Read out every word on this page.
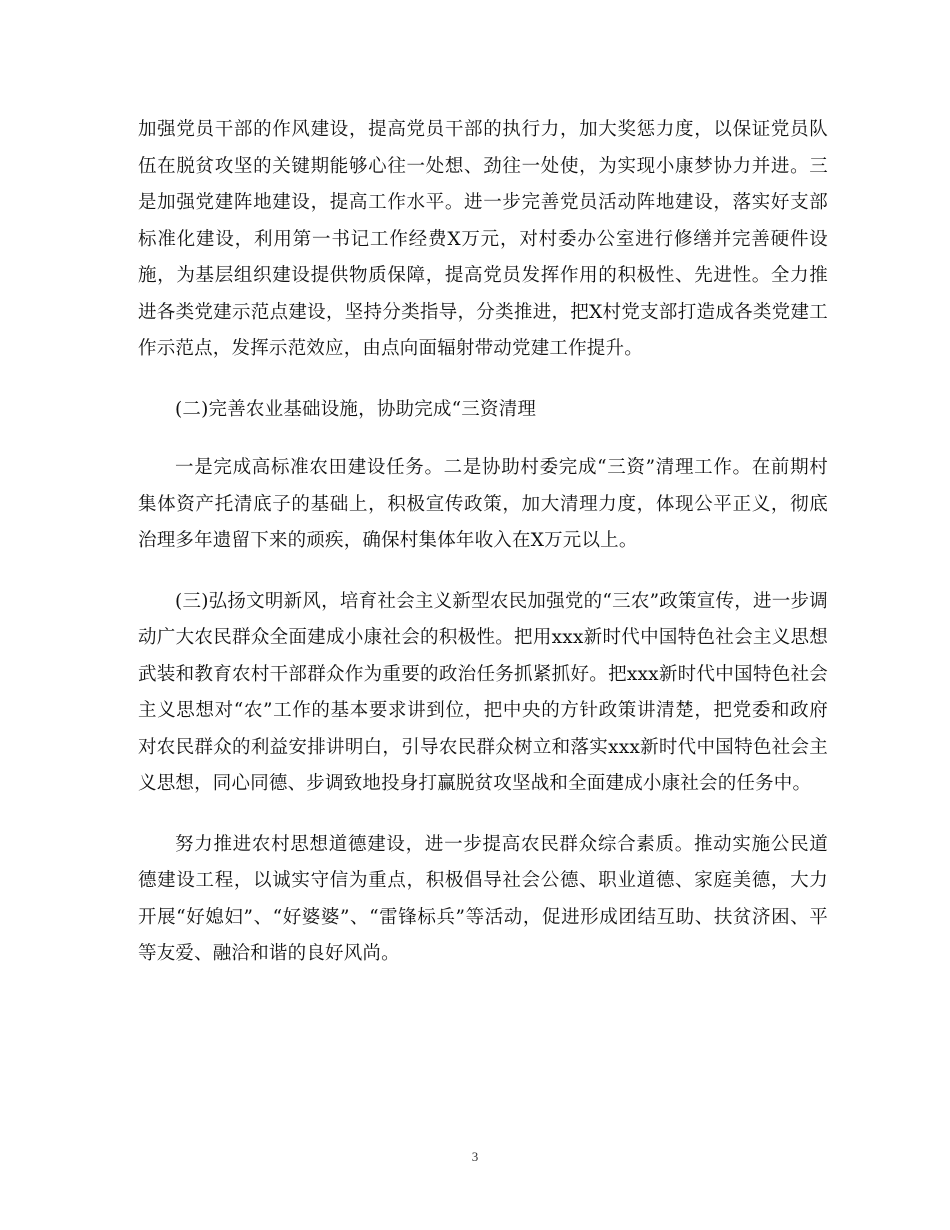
加强党员干部的作风建设，提高党员干部的执行力，加大奖惩力度，以保证党员队伍在脱贫攻坚的关键期能够心往一处想、劲往一处使，为实现小康梦协力并进。三是加强党建阵地建设，提高工作水平。进一步完善党员活动阵地建设，落实好支部标准化建设，利用第一书记工作经费X万元，对村委办公室进行修缮并完善硬件设施，为基层组织建设提供物质保障，提高党员发挥作用的积极性、先进性。全力推进各类党建示范点建设，坚持分类指导，分类推进，把X村党支部打造成各类党建工作示范点，发挥示范效应，由点向面辐射带动党建工作提升。

(二)完善农业基础设施，协助完成“三资清理

一是完成高标准农田建设任务。二是协助村委完成“三资”清理工作。在前期村集体资产托清底子的基础上，积极宣传政策，加大清理力度，体现公平正义，彻底治理多年遗留下来的顽疾，确保村集体年收入在X万元以上。

(三)弘扬文明新风，培育社会主义新型农民加强党的“三农”政策宣传，进一步调动广大农民群众全面建成小康社会的积极性。把用xxx新时代中国特色社会主义思想武装和教育农村干部群众作为重要的政治任务抓紧抓好。把xxx新时代中国特色社会主义思想对“农”工作的基本要求讲到位，把中央的方针政策讲清楚，把党委和政府对农民群众的利益安排讲明白，引导农民群众树立和落实xxx新时代中国特色社会主义思想，同心同德、步调致地投身打赢脱贫攻坚战和全面建成小康社会的任务中。

努力推进农村思想道德建设，进一步提高农民群众综合素质。推动实施公民道德建设工程，以诚实守信为重点，积极倡导社会公德、职业道德、家庭美德，大力开展“好媳妇”、“好婆婆”、“雷锋标兵”等活动，促进形成团结互助、扶贫济困、平等友爱、融洽和谐的良好风尚。

3
